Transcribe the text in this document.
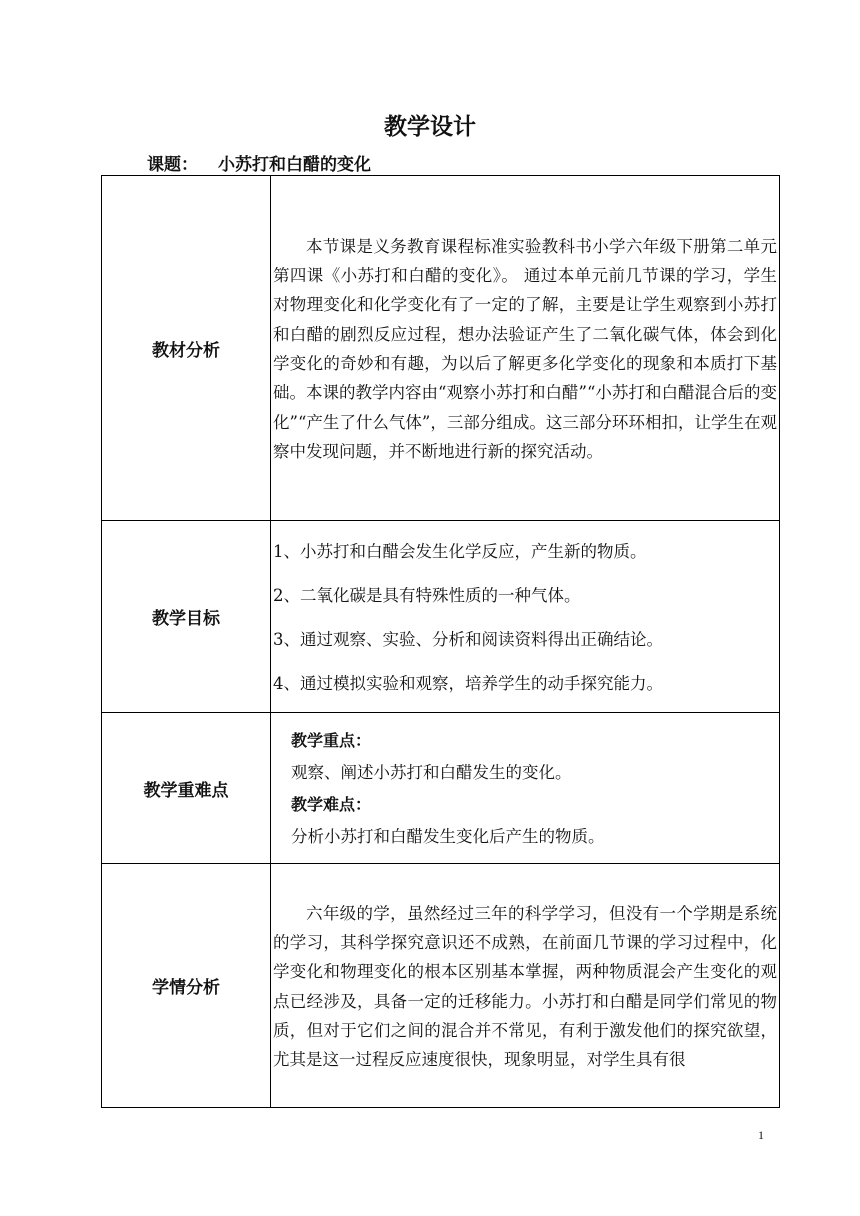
教学设计
课题： 小苏打和白醋的变化
教材分析	本节课是义务教育课程标准实验教科书小学六年级下册第二单元第四课《小苏打和白醋的变化》。 通过本单元前几节课的学习，学生对物理变化和化学变化有了一定的了解，主要是让学生观察到小苏打和白醋的剧烈反应过程，想办法验证产生了二氧化碳气体，体会到化学变化的奇妙和有趣，为以后了解更多化学变化的现象和本质打下基础。本课的教学内容由“观察小苏打和白醋”“小苏打和白醋混合后的变化”“产生了什么气体”，三部分组成。这三部分环环相扣，让学生在观察中发现问题，并不断地进行新的探究活动。

教学目标	1、小苏打和白醋会发生化学反应，产生新的物质。
2、二氧化碳是具有特殊性质的一种气体。
3、通过观察、实验、分析和阅读资料得出正确结论。
4、通过模拟实验和观察，培养学生的动手探究能力。

教学重难点	教学重点：
观察、阐述小苏打和白醋发生的变化。
教学难点：
分析小苏打和白醋发生变化后产生的物质。

学情分析	六年级的学，虽然经过三年的科学学习，但没有一个学期是系统的学习，其科学探究意识还不成熟，在前面几节课的学习过程中，化学变化和物理变化的根本区别基本掌握，两种物质混会产生变化的观点已经涉及，具备一定的迁移能力。小苏打和白醋是同学们常见的物质，但对于它们之间的混合并不常见，有利于激发他们的探究欲望，尤其是这一过程反应速度很快，现象明显，对学生具有很
1
